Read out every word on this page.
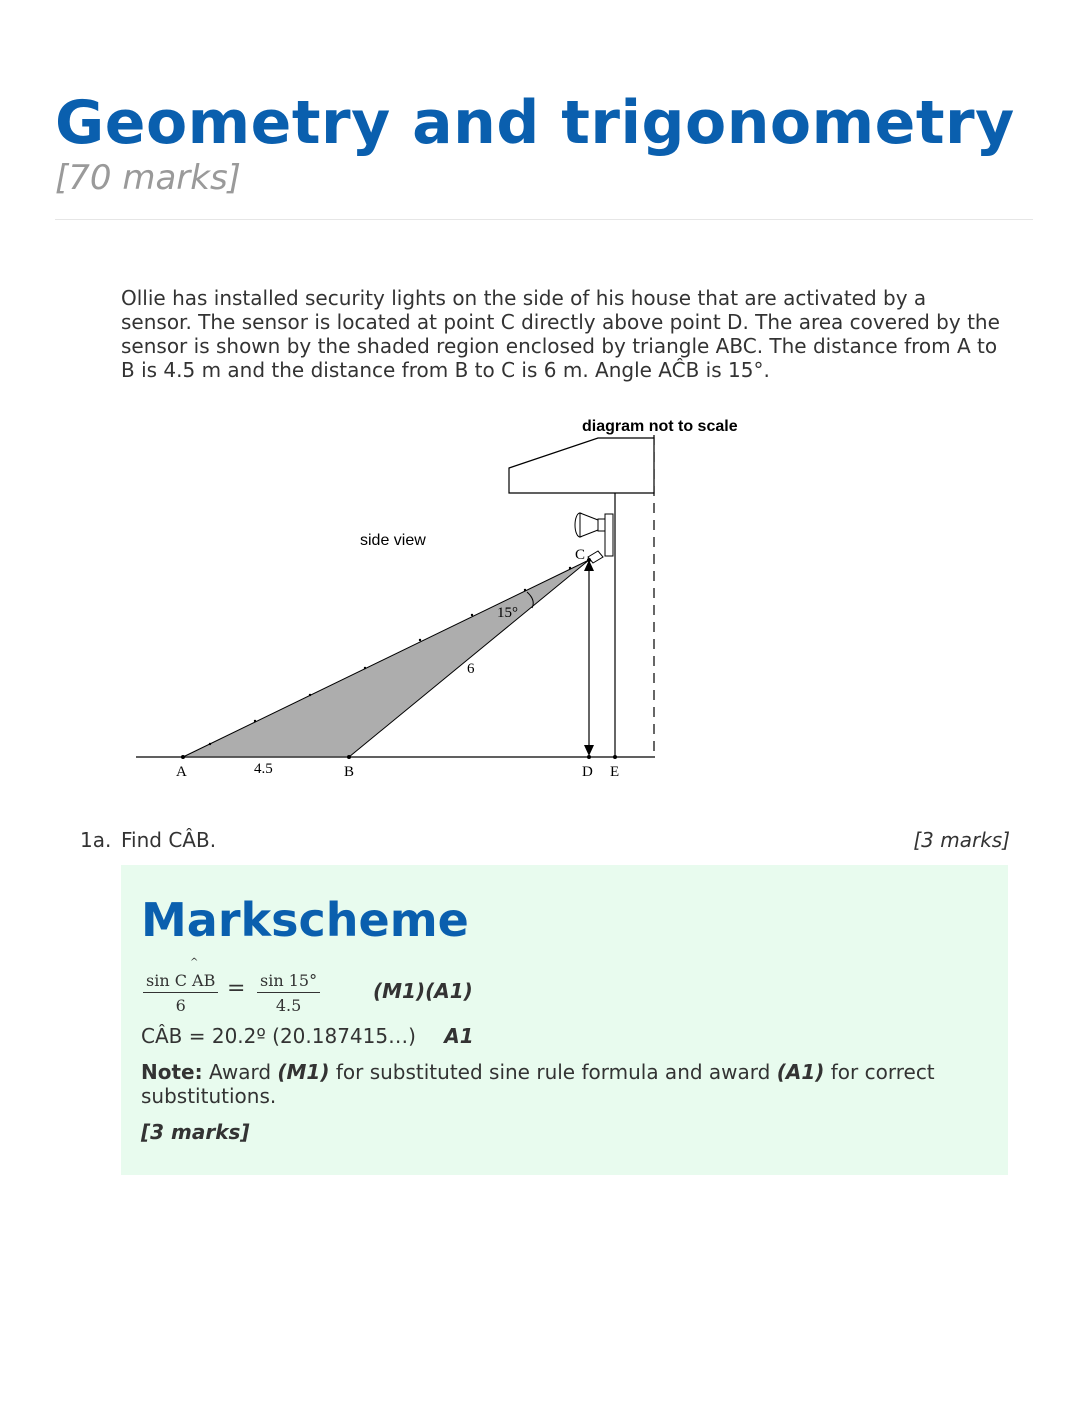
Geometry and trigonometry
[70 marks]

Ollie has installed security lights on the side of his house that are activated by a sensor. The sensor is located at point C directly above point D. The area covered by the sensor is shown by the shaded region enclosed by triangle ABC. The distance from A to B is 4.5 m and the distance from B to C is 6 m. Angle AĈB is 15°.

diagram not to scale
side view
A	B
C
D E
4.5
6
15°
1a. Find CÂB.	[3 marks]
Markscheme
^
$\frac{\text{sin C AB}}{6} = \frac{\sin 15^\circ}{4.5}$	(M1)(A1)
CÂB = 20.2º (20.187415…) A1
Note: Award (M1) for substituted sine rule formula and award (A1) for correct substitutions.
[3 marks]
